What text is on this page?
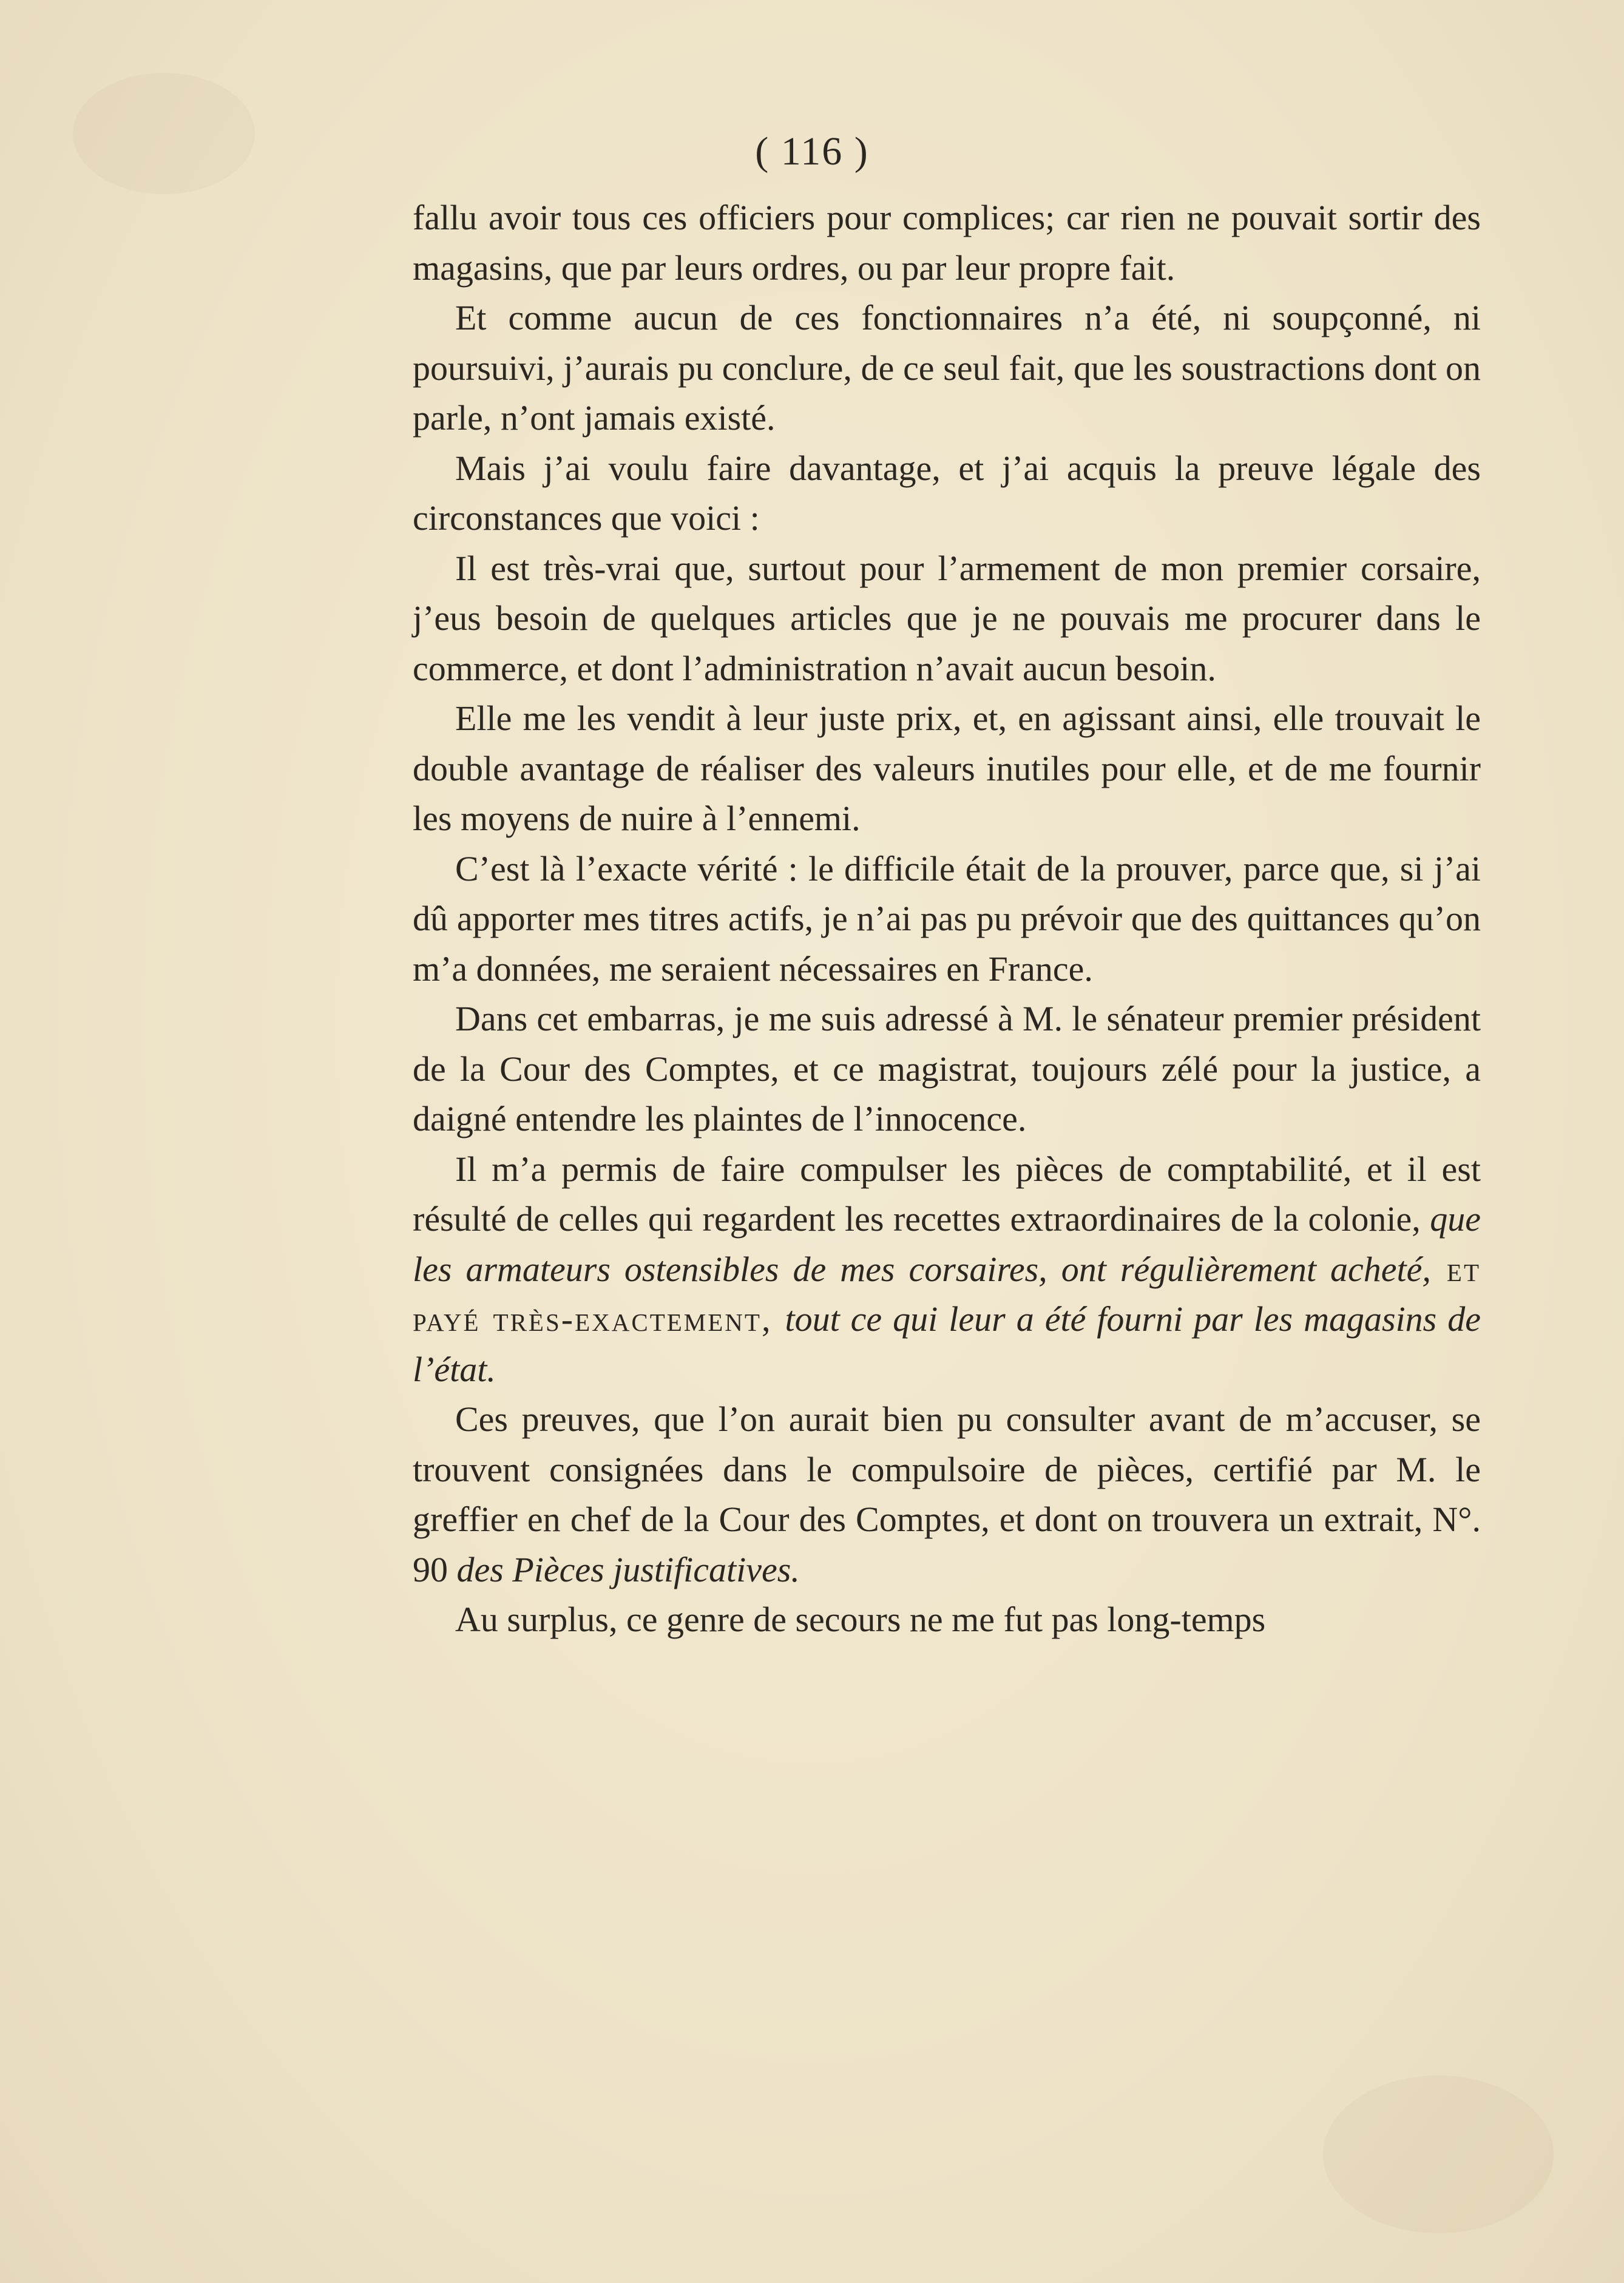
( 116 )

fallu avoir tous ces officiers pour complices; car rien ne pouvait sortir des magasins, que par leurs ordres, ou par leur propre fait.

Et comme aucun de ces fonctionnaires n’a été, ni soupçonné, ni poursuivi, j’aurais pu conclure, de ce seul fait, que les soustractions dont on parle, n’ont jamais existé.

Mais j’ai voulu faire davantage, et j’ai acquis la preuve légale des circonstances que voici :

Il est très-vrai que, surtout pour l’armement de mon premier corsaire, j’eus besoin de quelques articles que je ne pouvais me procurer dans le commerce, et dont l’administration n’avait aucun besoin.

Elle me les vendit à leur juste prix, et, en agissant ainsi, elle trouvait le double avantage de réaliser des valeurs inutiles pour elle, et de me fournir les moyens de nuire à l’ennemi.

C’est là l’exacte vérité : le difficile était de la prouver, parce que, si j’ai dû apporter mes titres actifs, je n’ai pas pu prévoir que des quittances qu’on m’a données, me seraient nécessaires en France.

Dans cet embarras, je me suis adressé à M. le sénateur premier président de la Cour des Comptes, et ce magistrat, toujours zélé pour la justice, a daigné entendre les plaintes de l’innocence.

Il m’a permis de faire compulser les pièces de comptabilité, et il est résulté de celles qui regardent les recettes extraordinaires de la colonie, que les armateurs ostensibles de mes corsaires, ont régulièrement acheté, et payé très-exactement, tout ce qui leur a été fourni par les magasins de l’état.

Ces preuves, que l’on aurait bien pu consulter avant de m’accuser, se trouvent consignées dans le compulsoire de pièces, certifié par M. le greffier en chef de la Cour des Comptes, et dont on trouvera un extrait, N°. 90 des Pièces justificatives.

Au surplus, ce genre de secours ne me fut pas long-temps
